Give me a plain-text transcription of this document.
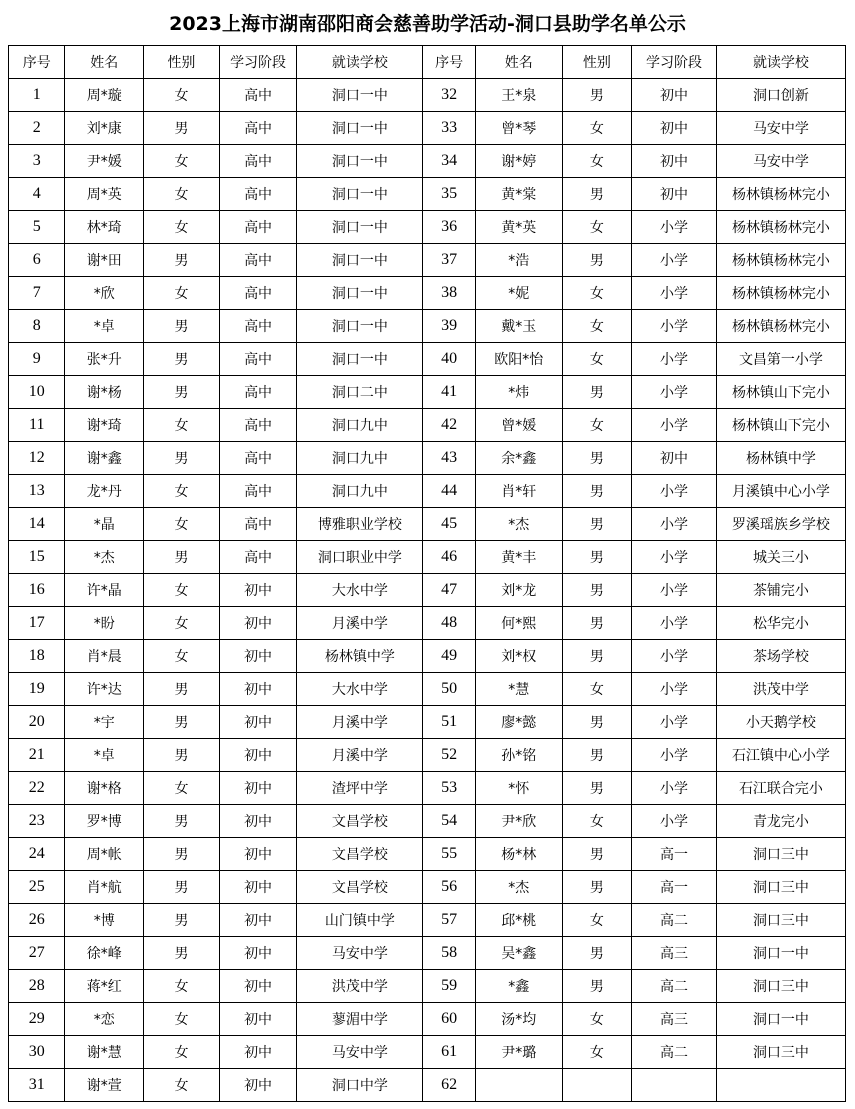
2023上海市湖南邵阳商会慈善助学活动-洞口县助学名单公示
序号	姓名	性别	学习阶段	就读学校	序号	姓名	性别	学习阶段	就读学校
1	周*璇	女	高中	洞口一中	32	王*泉	男	初中	洞口创新
2	刘*康	男	高中	洞口一中	33	曾*琴	女	初中	马安中学
3	尹*媛	女	高中	洞口一中	34	谢*婷	女	初中	马安中学
4	周*英	女	高中	洞口一中	35	黄*棠	男	初中	杨林镇杨林完小
5	林*琦	女	高中	洞口一中	36	黄*英	女	小学	杨林镇杨林完小
6	谢*田	男	高中	洞口一中	37	*浩	男	小学	杨林镇杨林完小
7	*欣	女	高中	洞口一中	38	*妮	女	小学	杨林镇杨林完小
8	*卓	男	高中	洞口一中	39	戴*玉	女	小学	杨林镇杨林完小
9	张*升	男	高中	洞口一中	40	欧阳*怡	女	小学	文昌第一小学
10	谢*杨	男	高中	洞口二中	41	*炜	男	小学	杨林镇山下完小
11	谢*琦	女	高中	洞口九中	42	曾*媛	女	小学	杨林镇山下完小
12	谢*鑫	男	高中	洞口九中	43	余*鑫	男	初中	杨林镇中学
13	龙*丹	女	高中	洞口九中	44	肖*轩	男	小学	月溪镇中心小学
14	*晶	女	高中	博雅职业学校	45	*杰	男	小学	罗溪瑶族乡学校
15	*杰	男	高中	洞口职业中学	46	黄*丰	男	小学	城关三小
16	许*晶	女	初中	大水中学	47	刘*龙	男	小学	茶铺完小
17	*盼	女	初中	月溪中学	48	何*熙	男	小学	松华完小
18	肖*晨	女	初中	杨林镇中学	49	刘*权	男	小学	茶场学校
19	许*达	男	初中	大水中学	50	*慧	女	小学	洪茂中学
20	*宇	男	初中	月溪中学	51	廖*懿	男	小学	小天鹅学校
21	*卓	男	初中	月溪中学	52	孙*铭	男	小学	石江镇中心小学
22	谢*格	女	初中	渣坪中学	53	*怀	男	小学	石江联合完小
23	罗*博	男	初中	文昌学校	54	尹*欣	女	小学	青龙完小
24	周*帐	男	初中	文昌学校	55	杨*林	男	高一	洞口三中
25	肖*航	男	初中	文昌学校	56	*杰	男	高一	洞口三中
26	*博	男	初中	山门镇中学	57	邱*桃	女	高二	洞口三中
27	徐*峰	男	初中	马安中学	58	吴*鑫	男	高三	洞口一中
28	蒋*红	女	初中	洪茂中学	59	*鑫	男	高二	洞口三中
29	*恋	女	初中	蓼湄中学	60	汤*均	女	高三	洞口一中
30	谢*慧	女	初中	马安中学	61	尹*璐	女	高二	洞口三中
31	谢*萱	女	初中	洞口中学	62				
